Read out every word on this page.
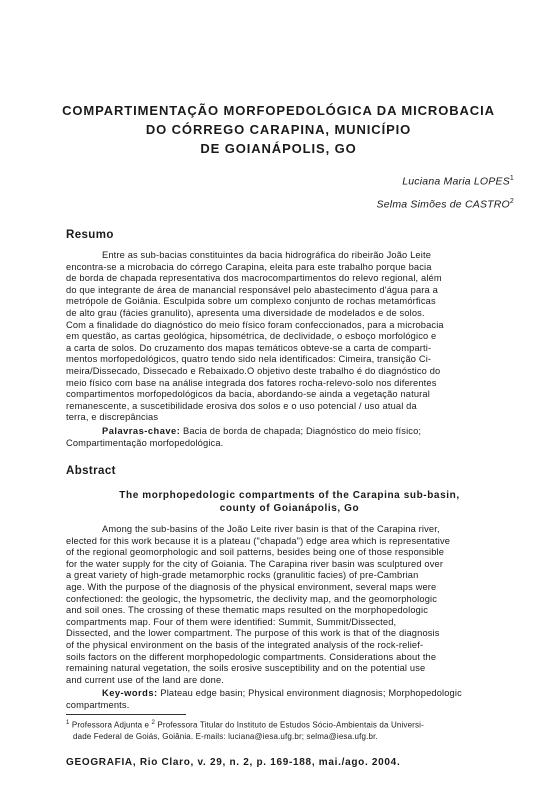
COMPARTIMENTAÇÃO MORFOPEDOLÓGICA DA MICROBACIA
DO CÓRREGO CARAPINA, MUNICÍPIO
DE GOIANÁPOLIS, GO
Luciana Maria LOPES$^1$
Selma Simões de CASTRO$^2$
Resumo
Entre as sub-bacias constituintes da bacia hidrográfica do ribeirão João Leite
encontra-se a microbacia do córrego Carapina, eleita para este trabalho porque bacia
de borda de chapada representativa dos macrocompartimentos do relevo regional, além
do que integrante de área de manancial responsável pelo abastecimento d'água para a
metrópole de Goiânia. Esculpida sobre um complexo conjunto de rochas metamórficas
de alto grau (fácies granulito), apresenta uma diversidade de modelados e de solos.
Com a finalidade do diagnóstico do meio físico foram confeccionados, para a microbacia
em questão, as cartas geológica, hipsométrica, de declividade, o esboço morfológico e
a carta de solos. Do cruzamento dos mapas temáticos obteve-se a carta de comparti-
mentos morfopedológicos, quatro tendo sido nela identificados: Cimeira, transição Ci-
meira/Dissecado, Dissecado e Rebaixado.O objetivo deste trabalho é do diagnóstico do
meio físico com base na análise integrada dos fatores rocha-relevo-solo nos diferentes
compartimentos morfopedológicos da bacia, abordando-se ainda a vegetação natural
remanescente, a suscetibilidade erosiva dos solos e o uso potencial / uso atual da
terra, e discrepâncias
Palavras-chave: Bacia de borda de chapada; Diagnóstico do meio físico;
Compartimentação morfopedológica.
Abstract
The morphopedologic compartments of the Carapina sub-basin,
county of Goianápolis, Go
Among the sub-basins of the João Leite river basin is that of the Carapina river,
elected for this work because it is a plateau ("chapada") edge area which is representative
of the regional geomorphologic and soil patterns, besides being one of those responsible
for the water supply for the city of Goiania. The Carapina river basin was sculptured over
a great variety of high-grade metamorphic rocks (granulitic facies) of pre-Cambrian
age. With the purpose of the diagnosis of the physical environment, several maps were
confectioned: the geologic, the hypsometric, the declivity map, and the geomorphologic
and soil ones. The crossing of these thematic maps resulted on the morphopedologic
compartments map. Four of them were identified: Summit, Summit/Dissected,
Dissected, and the lower compartment. The purpose of this work is that of the diagnosis
of the physical environment on the basis of the integrated analysis of the rock-relief-
soils factors on the different morphopedologic compartments. Considerations about the
remaining natural vegetation, the soils erosive susceptibility and on the potential use
and current use of the land are done.
Key-words: Plateau edge basin; Physical environment diagnosis; Morphopedologic
compartments.
$^1$ Professora Adjunta e $^2$ Professora Titular do Instituto de Estudos Sócio-Ambientais da Universi-
dade Federal de Goiás, Goiânia. E-mails: luciana@iesa.ufg.br; selma@iesa.ufg.br.
GEOGRAFIA, Rio Claro, v. 29, n. 2, p. 169-188, mai./ago. 2004.
